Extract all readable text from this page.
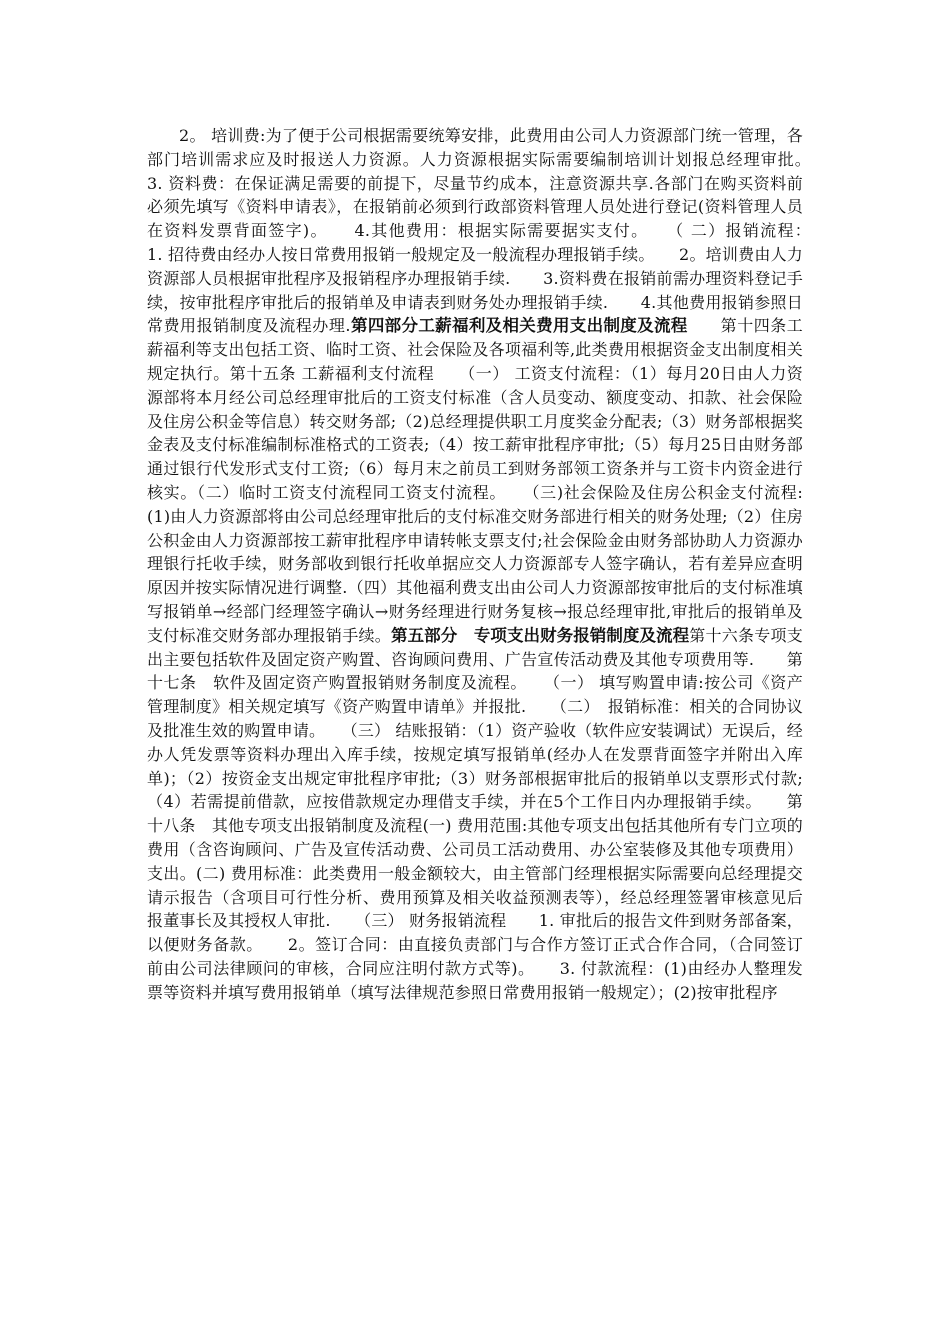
2。 培训费:为了便于公司根据需要统筹安排，此费用由公司人力资源部门统一管理，各部门培训需求应及时报送人力资源。人力资源根据实际需要编制培训计划报总经理审批。　　3. 资料费：在保证满足需要的前提下，尽量节约成本，注意资源共享.各部门在购买资料前必须先填写《资料申请表》，在报销前必须到行政部资料管理人员处进行登记(资料管理人员在资料发票背面签字)。　　4.其他费用：根据实际需要据实支付。　　（ 二）报销流程：　　1. 招待费由经办人按日常费用报销一般规定及一般流程办理报销手续。　　2。培训费由人力资源部人员根据审批程序及报销程序办理报销手续.　　3.资料费在报销前需办理资料登记手续，按审批程序审批后的报销单及申请表到财务处办理报销手续.　　4.其他费用报销参照日常费用报销制度及流程办理.第四部分工薪福利及相关费用支出制度及流程　　第十四条工薪福利等支出包括工资、临时工资、社会保险及各项福利等,此类费用根据资金支出制度相关规定执行。第十五条 工薪福利支付流程　　（一） 工资支付流程：（1）每月20日由人力资源部将本月经公司总经理审批后的工资支付标准（含人员变动、额度变动、扣款、社会保险及住房公积金等信息）转交财务部;（2)总经理提供职工月度奖金分配表;（3）财务部根据奖金表及支付标准编制标准格式的工资表;（4）按工薪审批程序审批;（5）每月25日由财务部通过银行代发形式支付工资;（6）每月末之前员工到财务部领工资条并与工资卡内资金进行核实。（二）临时工资支付流程同工资支付流程。　　（三)社会保险及住房公积金支付流程:(1)由人力资源部将由公司总经理审批后的支付标准交财务部进行相关的财务处理;（2）住房公积金由人力资源部按工薪审批程序申请转帐支票支付;社会保险金由财务部协助人力资源办理银行托收手续，财务部收到银行托收单据应交人力资源部专人签字确认，若有差异应查明原因并按实际情况进行调整.（四）其他福利费支出由公司人力资源部按审批后的支付标准填写报销单→经部门经理签字确认→财务经理进行财务复核→报总经理审批,审批后的报销单及支付标准交财务部办理报销手续。第五部分　专项支出财务报销制度及流程第十六条专项支出主要包括软件及固定资产购置、咨询顾问费用、广告宣传活动费及其他专项费用等.　　第十七条　软件及固定资产购置报销财务制度及流程。　　（一） 填写购置申请:按公司《资产管理制度》相关规定填写《资产购置申请单》并报批.　　（二）　报销标准：相关的合同协议及批准生效的购置申请。　　（三） 结账报销：（1）资产验收（软件应安装调试）无误后，经办人凭发票等资料办理出入库手续，按规定填写报销单(经办人在发票背面签字并附出入库单)；（2）按资金支出规定审批程序审批;（3）财务部根据审批后的报销单以支票形式付款;（4）若需提前借款，应按借款规定办理借支手续，并在5个工作日内办理报销手续。　　第十八条　其他专项支出报销制度及流程(一) 费用范围:其他专项支出包括其他所有专门立项的费用（含咨询顾问、广告及宣传活动费、公司员工活动费用、办公室装修及其他专项费用）支出。(二) 费用标准：此类费用一般金额较大，由主管部门经理根据实际需要向总经理提交请示报告（含项目可行性分析、费用预算及相关收益预测表等），经总经理签署审核意见后报董事长及其授权人审批.　　（三） 财务报销流程　　1. 审批后的报告文件到财务部备案，以便财务备款。　　2。签订合同：由直接负责部门与合作方签订正式合作合同，（合同签订前由公司法律顾问的审核，合同应注明付款方式等)。　　3. 付款流程：(1)由经办人整理发票等资料并填写费用报销单（填写法律规范参照日常费用报销一般规定）；(2)按审批程序
